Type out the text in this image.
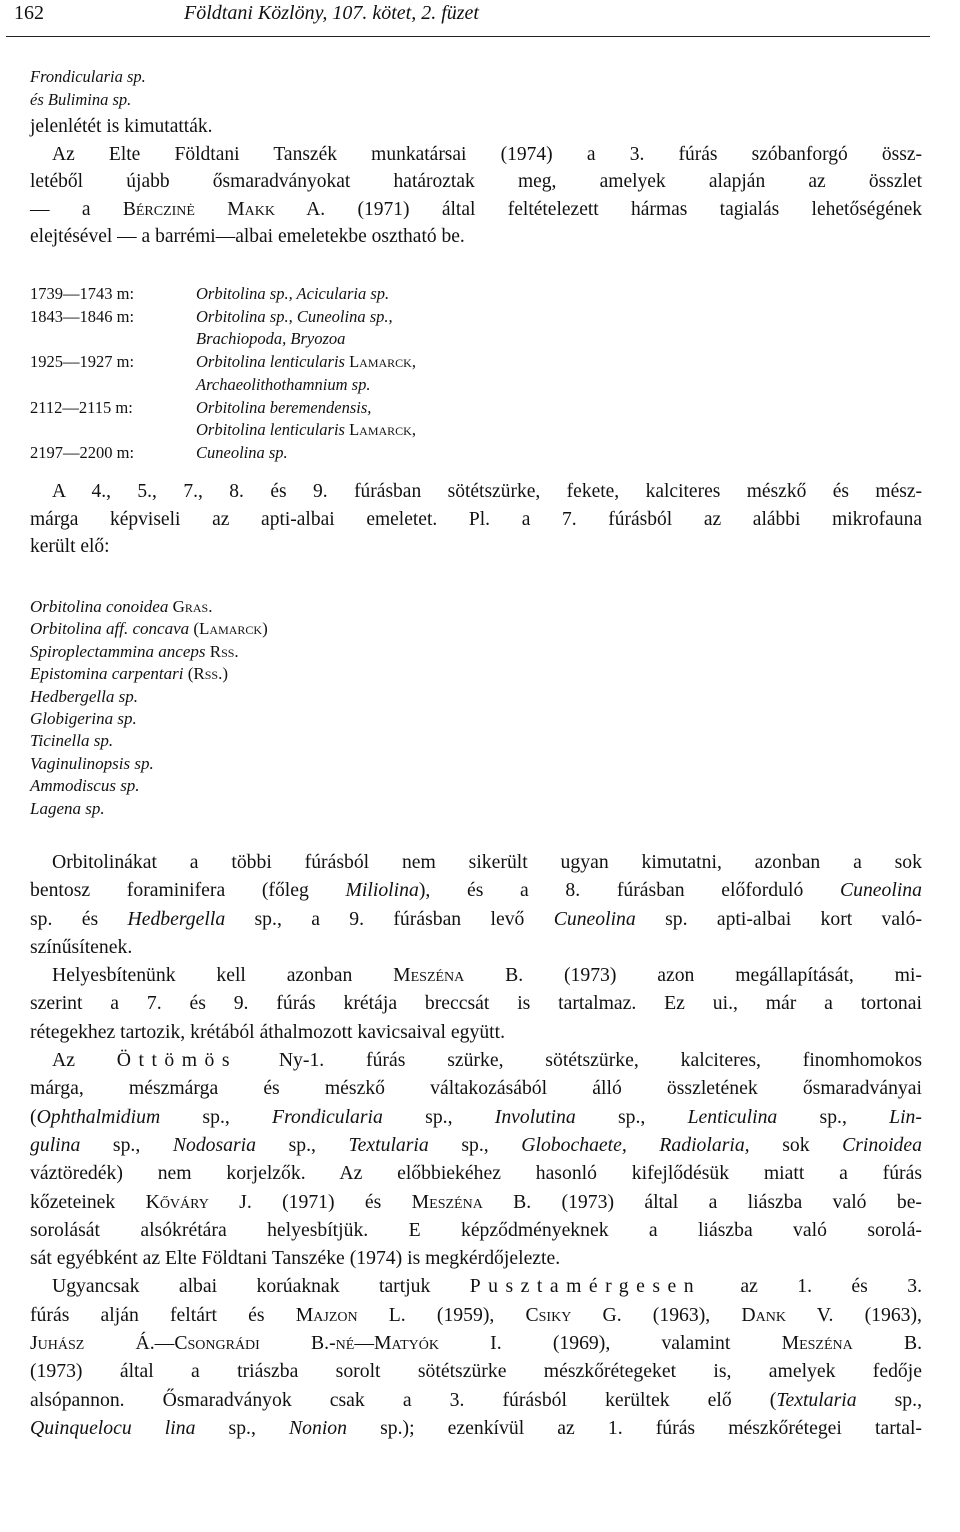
162	Földtani Közlöny, 107. kötet, 2. füzet
Frondicularia sp.
és Bulimina sp.
jelenlétét is kimutatták.
Az Elte Földtani Tanszék munkatársai (1974) a 3. fúrás szóbanforgó össz-
letéből újabb ősmaradványokat határoztak meg, amelyek alapján az összlet
— a Bérczinė Makk A. (1971) által feltételezett hármas tagialás lehetőségének
elejtésével — a barrémi—albai emeletekbe osztható be.
1739—1743 m:	Orbitolina sp., Acicularia sp.
1843—1846 m:	Orbitolina sp., Cuneolina sp.,
Brachiopoda, Bryozoa
1925—1927 m:	Orbitolina lenticularis Lamarck,
Archaeolithothamnium sp.
2112—2115 m:	Orbitolina beremendensis,
Orbitolina lenticularis Lamarck,
2197—2200 m:	Cuneolina sp.
A 4., 5., 7., 8. és 9. fúrásban sötétszürke, fekete, kalciteres mészkő és mész-
márga képviseli az apti-albai emeletet. Pl. a 7. fúrásból az alábbi mikrofauna
került elő:
Orbitolina conoidea Gras.
Orbitolina aff. concava (Lamarck)
Spiroplectammina anceps Rss.
Epistomina carpentari (Rss.)
Hedbergella sp.
Globigerina sp.
Ticinella sp.
Vaginulinopsis sp.
Ammodiscus sp.
Lagena sp.
Orbitolinákat a többi fúrásból nem sikerült ugyan kimutatni, azonban a sok
bentosz foraminifera (főleg Miliolina), és a 8. fúrásban előforduló Cuneolina
sp. és Hedbergella sp., a 9. fúrásban levő Cuneolina sp. apti-albai kort való-
színűsítenek.
Helyesbítenünk kell azonban Meszéna B. (1973) azon megállapítását, mi-
szerint a 7. és 9. fúrás krétája breccsát is tartalmaz. Ez ui., már a tortonai
rétegekhez tartozik, krétából áthalmozott kavicsaival együtt.
Az Öttömös Ny-1. fúrás szürke, sötétszürke, kalciteres, finomhomokos
márga, mészmárga és mészkő váltakozásából álló összletének ősmaradványai
(Ophthalmidium sp., Frondicularia sp., Involutina sp., Lenticulina sp., Lin-
gulina sp., Nodosaria sp., Textularia sp., Globochaete, Radiolaria, sok Crinoidea
váztöredék) nem korjelzők. Az előbbiekéhez hasonló kifejlődésük miatt a fúrás
kőzeteinek Kőváry J. (1971) és Meszéna B. (1973) által a liászba való be-
sorolását alsókrétára helyesbítjük. E képződményeknek a liászba való sorolá-
sát egyébként az Elte Földtani Tanszéke (1974) is megkérdőjelezte.
Ugyancsak albai korúaknak tartjuk Pusztamérgesen az 1. és 3.
fúrás alján feltárt és Majzon L. (1959), Csiky G. (1963), Dank V. (1963),
Juhász Á.—Csongrádi B.-né—Matyók I. (1969), valamint Meszéna B.
(1973) által a triászba sorolt sötétszürke mészkőrétegeket is, amelyek fedője
alsópannon. Ősmaradványok csak a 3. fúrásból kerültek elő (Textularia sp.,
Quinquelocu lina sp., Nonion sp.); ezenkívül az 1. fúrás mészkőrétegei tartal-
